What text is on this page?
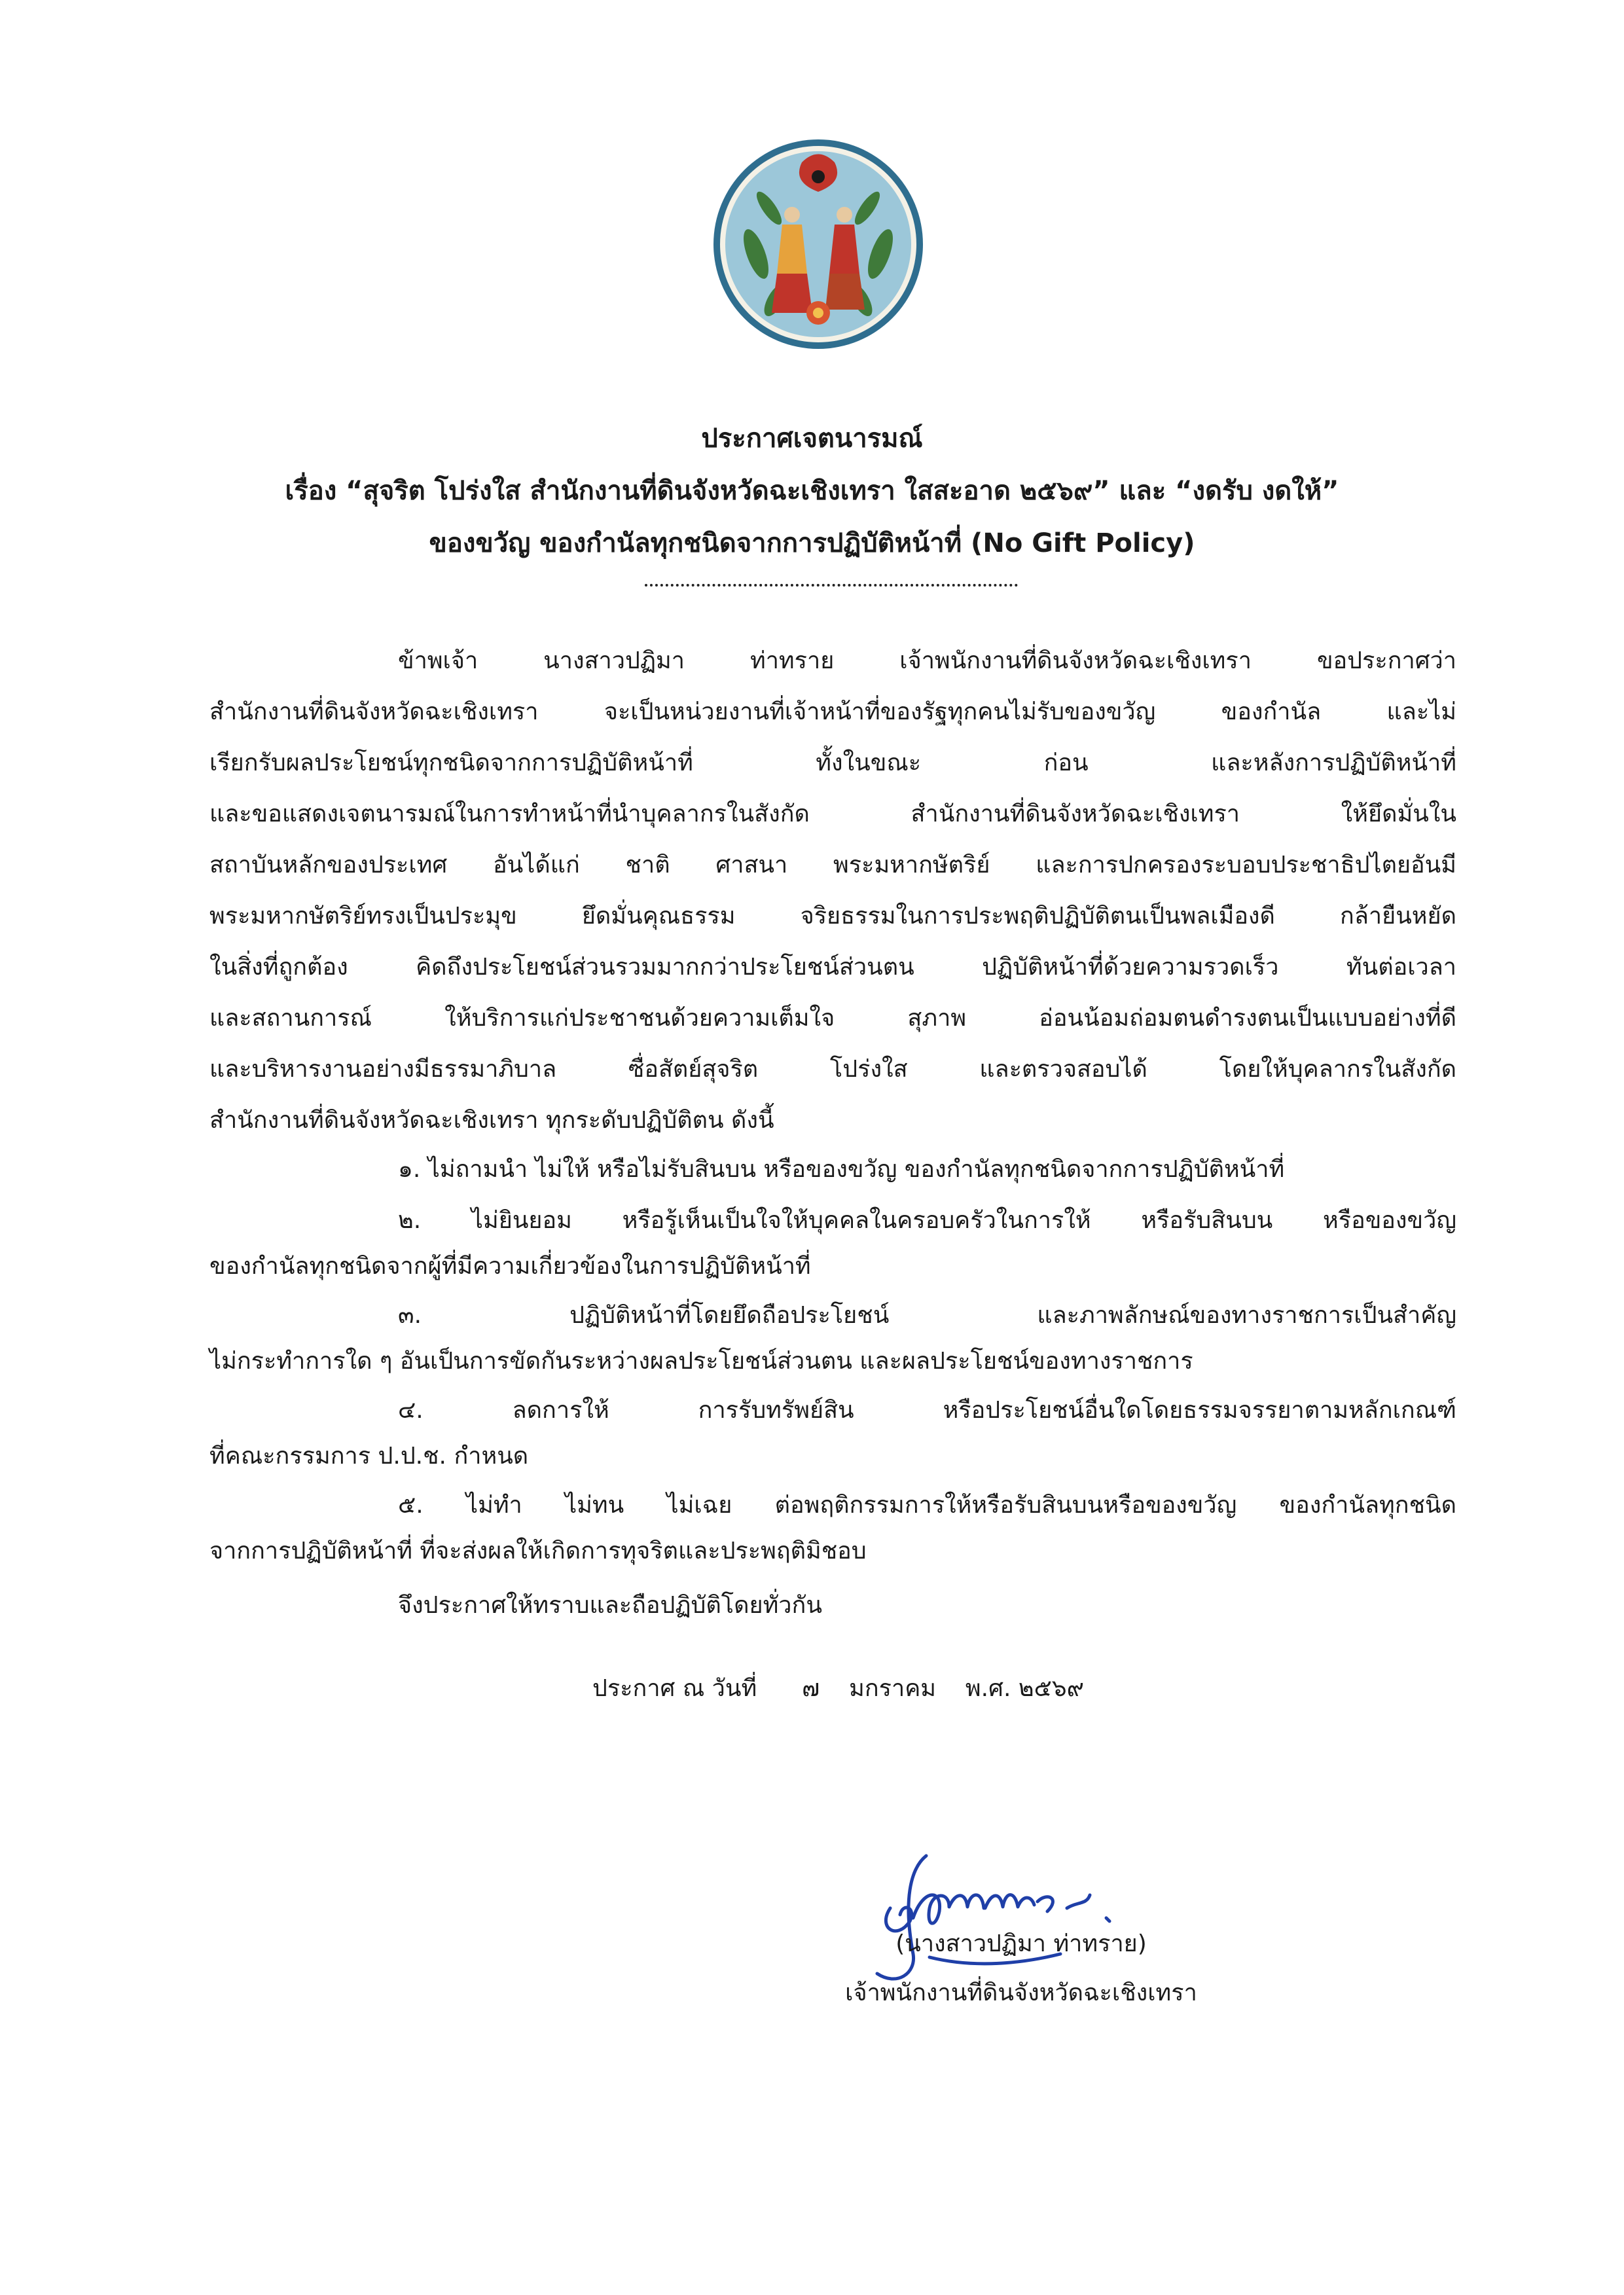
ประกาศเจตนารมณ์
เรื่อง “สุจริต โปร่งใส สำนักงานที่ดินจังหวัดฉะเชิงเทรา ใสสะอาด ๒๕๖๙” และ “งดรับ งดให้”
ของขวัญ ของกำนัลทุกชนิดจากการปฏิบัติหน้าที่ (No Gift Policy)
ข้าพเจ้า นางสาวปฏิมา ท่าทราย เจ้าพนักงานที่ดินจังหวัดฉะเชิงเทรา ขอประกาศว่า
สำนักงานที่ดินจังหวัดฉะเชิงเทรา จะเป็นหน่วยงานที่เจ้าหน้าที่ของรัฐทุกคนไม่รับของขวัญ ของกำนัล และไม่
เรียกรับผลประโยชน์ทุกชนิดจากการปฏิบัติหน้าที่ ทั้งในขณะ ก่อน และหลังการปฏิบัติหน้าที่
และขอแสดงเจตนารมณ์ในการทำหน้าที่นำบุคลากรในสังกัด สำนักงานที่ดินจังหวัดฉะเชิงเทรา ให้ยึดมั่นใน
สถาบันหลักของประเทศ อันได้แก่ ชาติ ศาสนา พระมหากษัตริย์ และการปกครองระบอบประชาธิปไตยอันมี
พระมหากษัตริย์ทรงเป็นประมุข ยึดมั่นคุณธรรม จริยธรรมในการประพฤติปฏิบัติตนเป็นพลเมืองดี กล้ายืนหยัด
ในสิ่งที่ถูกต้อง คิดถึงประโยชน์ส่วนรวมมากกว่าประโยชน์ส่วนตน ปฏิบัติหน้าที่ด้วยความรวดเร็ว ทันต่อเวลา
และสถานการณ์ ให้บริการแก่ประชาชนด้วยความเต็มใจ สุภาพ อ่อนน้อมถ่อมตนดำรงตนเป็นแบบอย่างที่ดี
และบริหารงานอย่างมีธรรมาภิบาล ซื่อสัตย์สุจริต โปร่งใส และตรวจสอบได้ โดยให้บุคลากรในสังกัด
สำนักงานที่ดินจังหวัดฉะเชิงเทรา ทุกระดับปฏิบัติตน ดังนี้
๑. ไม่ถามนำ ไม่ให้ หรือไม่รับสินบน หรือของขวัญ ของกำนัลทุกชนิดจากการปฏิบัติหน้าที่
๒. ไม่ยินยอม หรือรู้เห็นเป็นใจให้บุคคลในครอบครัวในการให้ หรือรับสินบน หรือของขวัญ
ของกำนัลทุกชนิดจากผู้ที่มีความเกี่ยวข้องในการปฏิบัติหน้าที่
๓. ปฏิบัติหน้าที่โดยยึดถือประโยชน์ และภาพลักษณ์ของทางราชการเป็นสำคัญ
ไม่กระทำการใด ๆ อันเป็นการขัดกันระหว่างผลประโยชน์ส่วนตน และผลประโยชน์ของทางราชการ
๔. ลดการให้ การรับทรัพย์สิน หรือประโยชน์อื่นใดโดยธรรมจรรยาตามหลักเกณฑ์
ที่คณะกรรมการ ป.ป.ช. กำหนด
๕. ไม่ทำ ไม่ทน ไม่เฉย ต่อพฤติกรรมการให้หรือรับสินบนหรือของขวัญ ของกำนัลทุกชนิด
จากการปฏิบัติหน้าที่ ที่จะส่งผลให้เกิดการทุจริตและประพฤติมิชอบ
จึงประกาศให้ทราบและถือปฏิบัติโดยทั่วกัน
ประกาศ ณ วันที่ ๗ มกราคม พ.ศ. ๒๕๖๙
(นางสาวปฏิมา ท่าทราย)
เจ้าพนักงานที่ดินจังหวัดฉะเชิงเทรา
